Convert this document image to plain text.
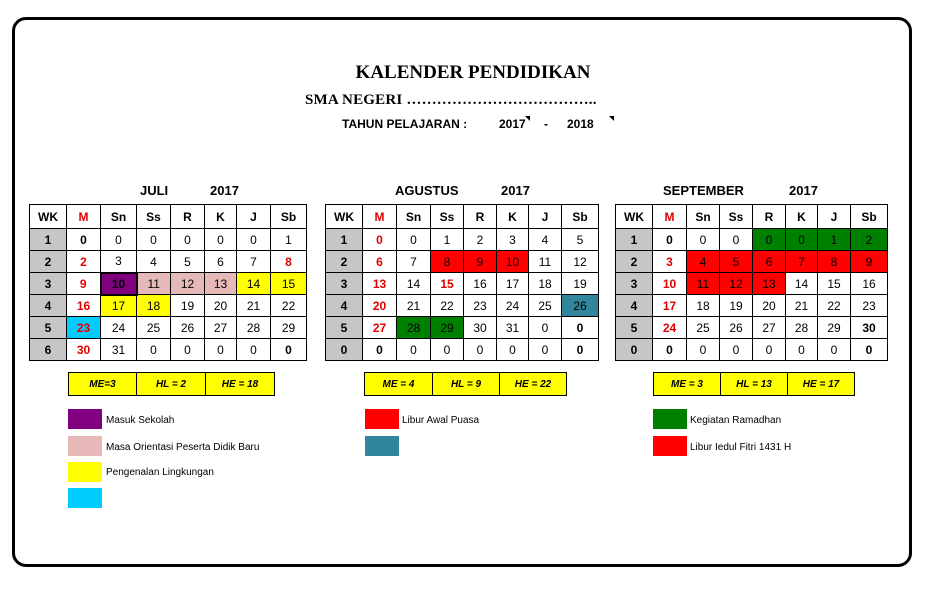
KALENDER PENDIDIKAN
SMA NEGERI ………………………………..
TAHUN PELAJARAN :	2017 - 2018
JULI	2017	AGUSTUS	2017	SEPTEMBER	2017
WK	M	Sn	Ss	R	K	J	Sb
1	0	0	0	0	0	0	1
2	2	3	4	5	6	7	8
3	9	10	11	12	13	14	15
4	16	17	18	19	20	21	22
5	23	24	25	26	27	28	29
6	30	31	0	0	0	0	0
WK	M	Sn	Ss	R	K	J	Sb
1	0	0	1	2	3	4	5
2	6	7	8	9	10	11	12
3	13	14	15	16	17	18	19
4	20	21	22	23	24	25	26
5	27	28	29	30	31	0	0
0	0	0	0	0	0	0	0
WK	M	Sn	Ss	R	K	J	Sb
1	0	0	0	0	0	1	2
2	3	4	5	6	7	8	9
3	10	11	12	13	14	15	16
4	17	18	19	20	21	22	23
5	24	25	26	27	28	29	30
0	0	0	0	0	0	0	0
ME=3	HL = 2	HE = 18	ME = 4	HL = 9	HE = 22	ME = 3	HL = 13	HE = 17
Masuk Sekolah
Masa Orientasi Peserta Didik Baru
Pengenalan Lingkungan
Libur Awal Puasa	Kegiatan Ramadhan
Libur Iedul Fitri 1431 H
